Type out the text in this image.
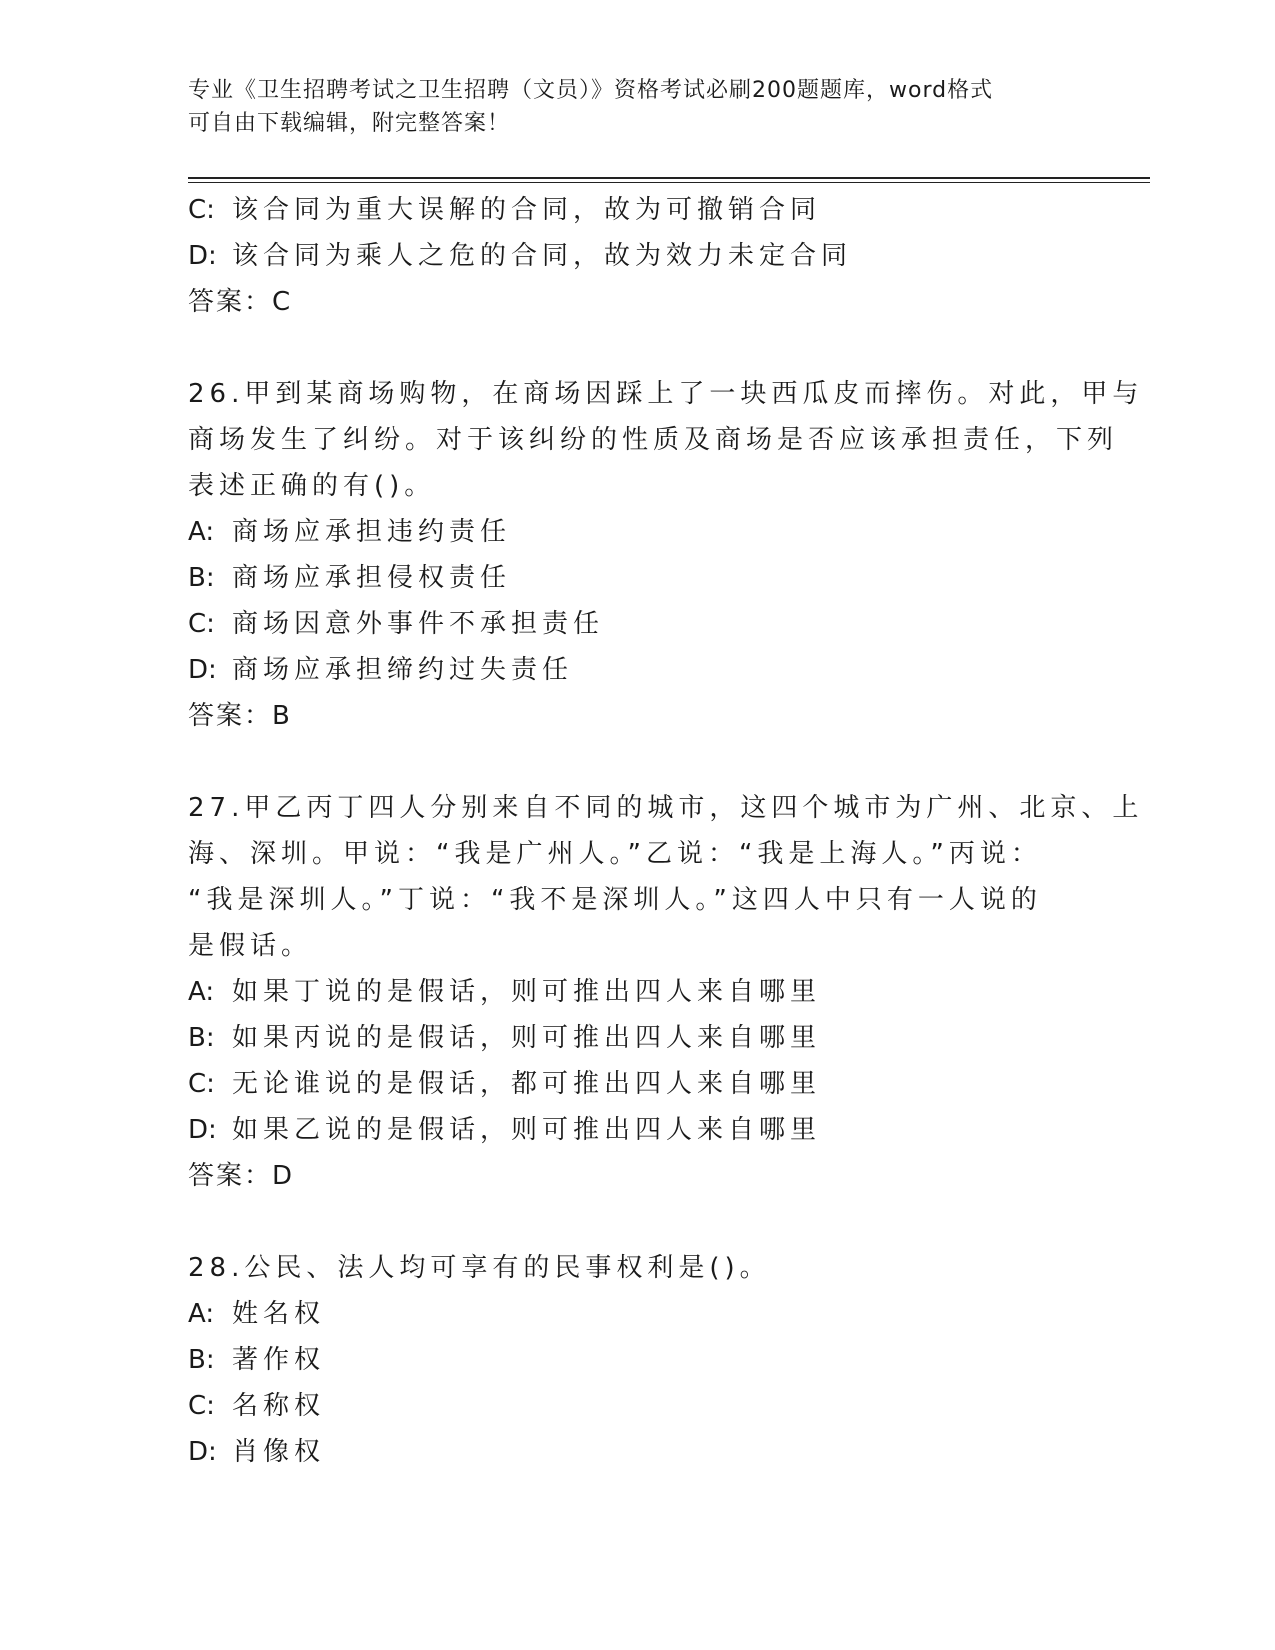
专业《卫生招聘考试之卫生招聘（文员）》资格考试必刷200题题库，word格式
可自由下载编辑，附完整答案！
C: 该合同为重大误解的合同，故为可撤销合同
D: 该合同为乘人之危的合同，故为效力未定合同
答案：C
26.甲到某商场购物，在商场因踩上了一块西瓜皮而摔伤。对此，甲与
商场发生了纠纷。对于该纠纷的性质及商场是否应该承担责任，下列
表述正确的有()。
A: 商场应承担违约责任
B: 商场应承担侵权责任
C: 商场因意外事件不承担责任
D: 商场应承担缔约过失责任
答案：B
27.甲乙丙丁四人分别来自不同的城市，这四个城市为广州、北京、上
海、深圳。甲说：“我是广州人。”乙说：“我是上海人。”丙说：
“我是深圳人。”丁说：“我不是深圳人。”这四人中只有一人说的
是假话。
A: 如果丁说的是假话，则可推出四人来自哪里
B: 如果丙说的是假话，则可推出四人来自哪里
C: 无论谁说的是假话，都可推出四人来自哪里
D: 如果乙说的是假话，则可推出四人来自哪里
答案：D
28.公民、法人均可享有的民事权利是()。
A: 姓名权
B: 著作权
C: 名称权
D: 肖像权
